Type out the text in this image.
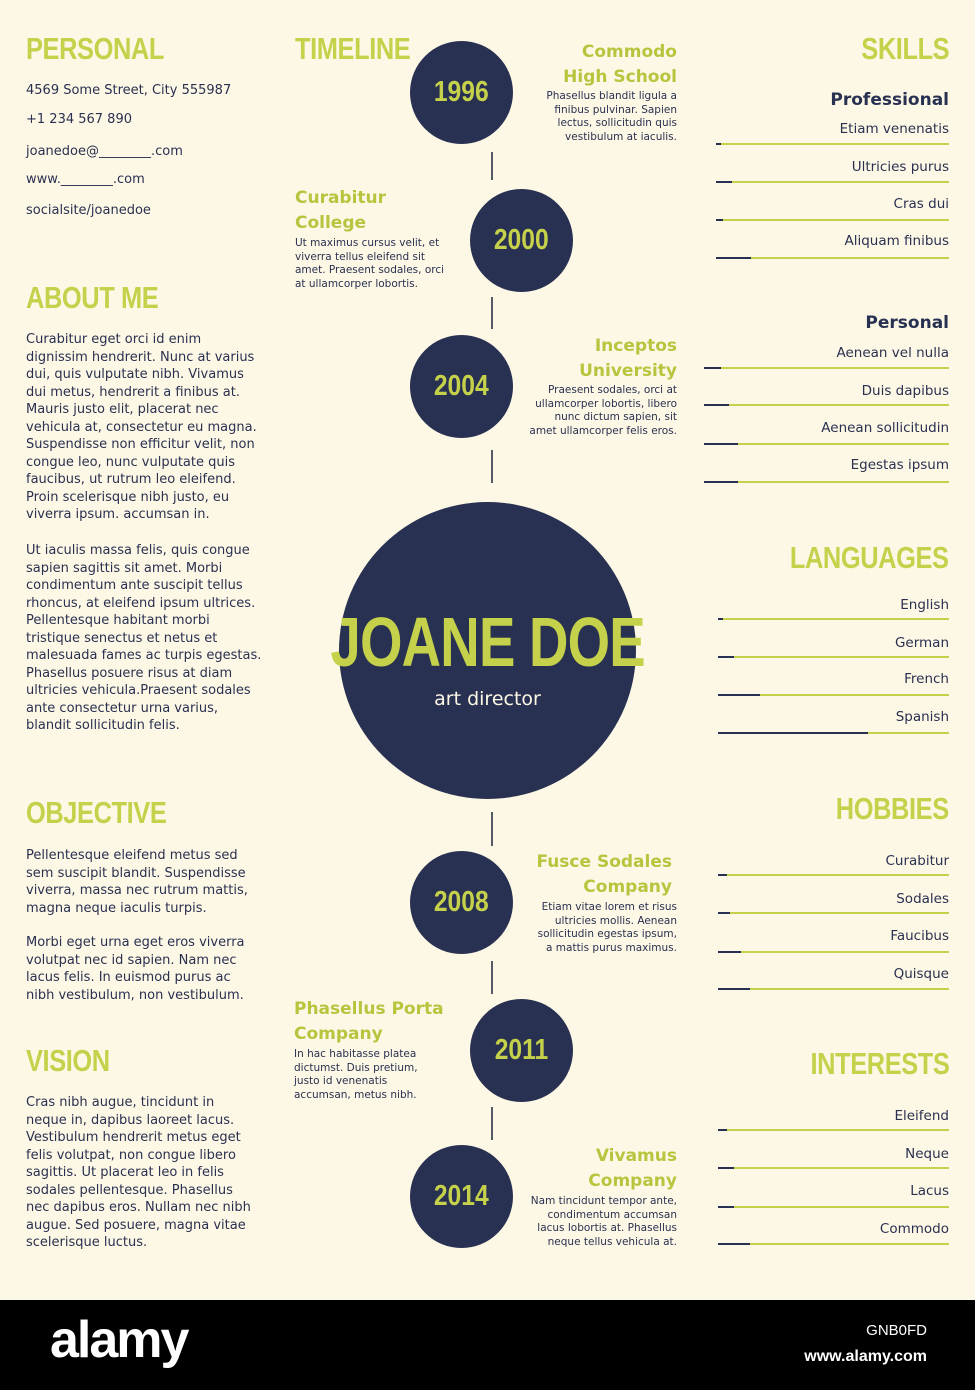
PERSONAL
4569 Some Street, City 555987
+1 234 567 890
joanedoe@________.com
www.________.com
socialsite/joanedoe
ABOUT ME
Curabitur eget orci id enim dignissim hendrerit. Nunc at varius dui, quis vulputate nibh. Vivamus dui metus, hendrerit a finibus at. Mauris justo elit, placerat nec vehicula at, consectetur eu magna. Suspendisse non efficitur velit, non congue leo, nunc vulputate quis faucibus, ut rutrum leo eleifend. Proin scelerisque nibh justo, eu viverra ipsum. accumsan in.
Ut iaculis massa felis, quis congue sapien sagittis sit amet. Morbi condimentum ante suscipit tellus rhoncus, at eleifend ipsum ultrices. Pellentesque habitant morbi tristique senectus et netus et malesuada fames ac turpis egestas. Phasellus posuere risus at diam ultricies vehicula.Praesent sodales ante consectetur urna varius, blandit sollicitudin felis.
OBJECTIVE
Pellentesque eleifend metus sed sem suscipit blandit. Suspendisse viverra, massa nec rutrum mattis, magna neque iaculis turpis.
Morbi eget urna eget eros viverra volutpat nec id sapien. Nam nec lacus felis. In euismod purus ac nibh vestibulum, non vestibulum.
VISION
Cras nibh augue, tincidunt in neque in, dapibus laoreet lacus. Vestibulum hendrerit metus eget felis volutpat, non congue libero sagittis. Ut placerat leo in felis sodales pellentesque. Phasellus nec dapibus eros. Nullam nec nibh augue. Sed posuere, magna vitae scelerisque luctus.
TIMELINE
1996
Commodo High School
Phasellus blandit ligula a finibus pulvinar. Sapien lectus, sollicitudin quis vestibulum at iaculis.
2000
Curabitur College
Ut maximus cursus velit, et viverra tellus eleifend sit amet. Praesent sodales, orci at ullamcorper lobortis.
2004
Inceptos University
Praesent sodales, orci at ullamcorper lobortis, libero nunc dictum sapien, sit amet ullamcorper felis eros.
JOANE DOE
art director
2008
Fusce Sodales Company
Etiam vitae lorem et risus ultricies mollis. Aenean sollicitudin egestas ipsum, a mattis purus maximus.
2011
Phasellus Porta Company
In hac habitasse platea dictumst. Duis pretium, justo id venenatis accumsan, metus nibh.
2014
Vivamus Company
Nam tincidunt tempor ante, condimentum accumsan lacus lobortis at. Phasellus neque tellus vehicula at.
SKILLS
Professional
Etiam venenatis
Ultricies purus
Cras dui
Aliquam finibus
Personal
Aenean vel nulla
Duis dapibus
Aenean sollicitudin
Egestas ipsum
LANGUAGES
English
German
French
Spanish
HOBBIES
Curabitur
Sodales
Faucibus
Quisque
INTERESTS
Eleifend
Neque
Lacus
Commodo
alamy	GNB0FD
www.alamy.com
